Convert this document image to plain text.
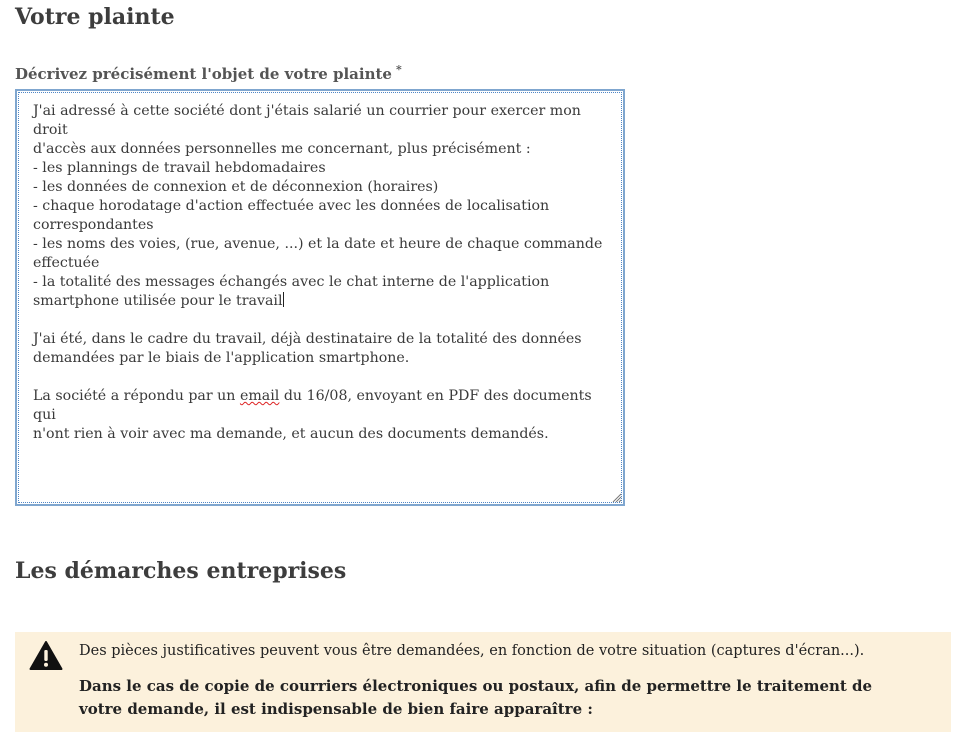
Votre plainte
Décrivez précisément l'objet de votre plainte *

J'ai adressé à cette société dont j'étais salarié un courrier pour exercer mon droit

d'accès aux données personnelles me concernant, plus précisément :

- les plannings de travail hebdomadaires

- les données de connexion et de déconnexion (horaires)

- chaque horodatage d'action effectuée avec les données de localisation

correspondantes

- les noms des voies, (rue, avenue, ...) et la date et heure de chaque commande

effectuée

- la totalité des messages échangés avec le chat interne de l'application

smartphone utilisée pour le travail

J'ai été, dans le cadre du travail, déjà destinataire de la totalité des données

demandées par le biais de l'application smartphone.

La société a répondu par un email du 16/08, envoyant en PDF des documents qui

n'ont rien à voir avec ma demande, et aucun des documents demandés.

Les démarches entreprises
Des pièces justificatives peuvent vous être demandées, en fonction de votre situation (captures d'écran...).
Dans le cas de copie de courriers électroniques ou postaux, afin de permettre le traitement de votre demande, il est indispensable de bien faire apparaître :
